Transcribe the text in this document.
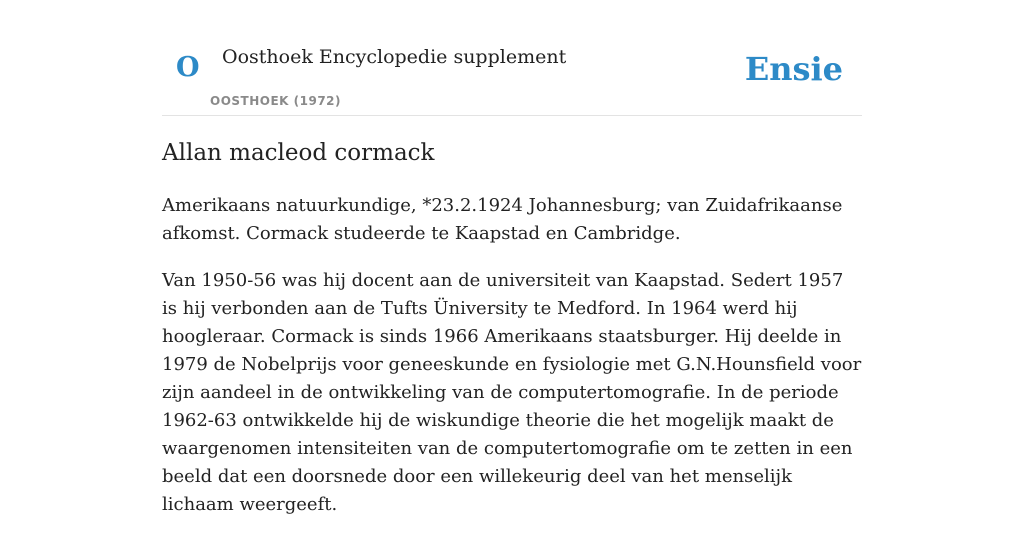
O Oosthoek Encyclopedie supplement
OOSTHOEK (1972)
Ensie
Allan macleod cormack

Amerikaans natuurkundige, *23.2.1924 Johannesburg; van Zuidafrikaanse afkomst. Cormack studeerde te Kaapstad en Cambridge.

Van 1950-56 was hij docent aan de universiteit van Kaapstad. Sedert 1957 is hij verbonden aan de Tufts Üniversity te Medford. In 1964 werd hij hoogleraar. Cormack is sinds 1966 Amerikaans staatsburger. Hij deelde in 1979 de Nobelprijs voor geneeskunde en fysiologie met G.N.Hounsfield voor zijn aandeel in de ontwikkeling van de computertomografie. In de periode 1962-63 ontwikkelde hij de wiskundige theorie die het mogelijk maakt de waargenomen intensiteiten van de computertomografie om te zetten in een beeld dat een doorsnede door een willekeurig deel van het menselijk lichaam weergeeft.
